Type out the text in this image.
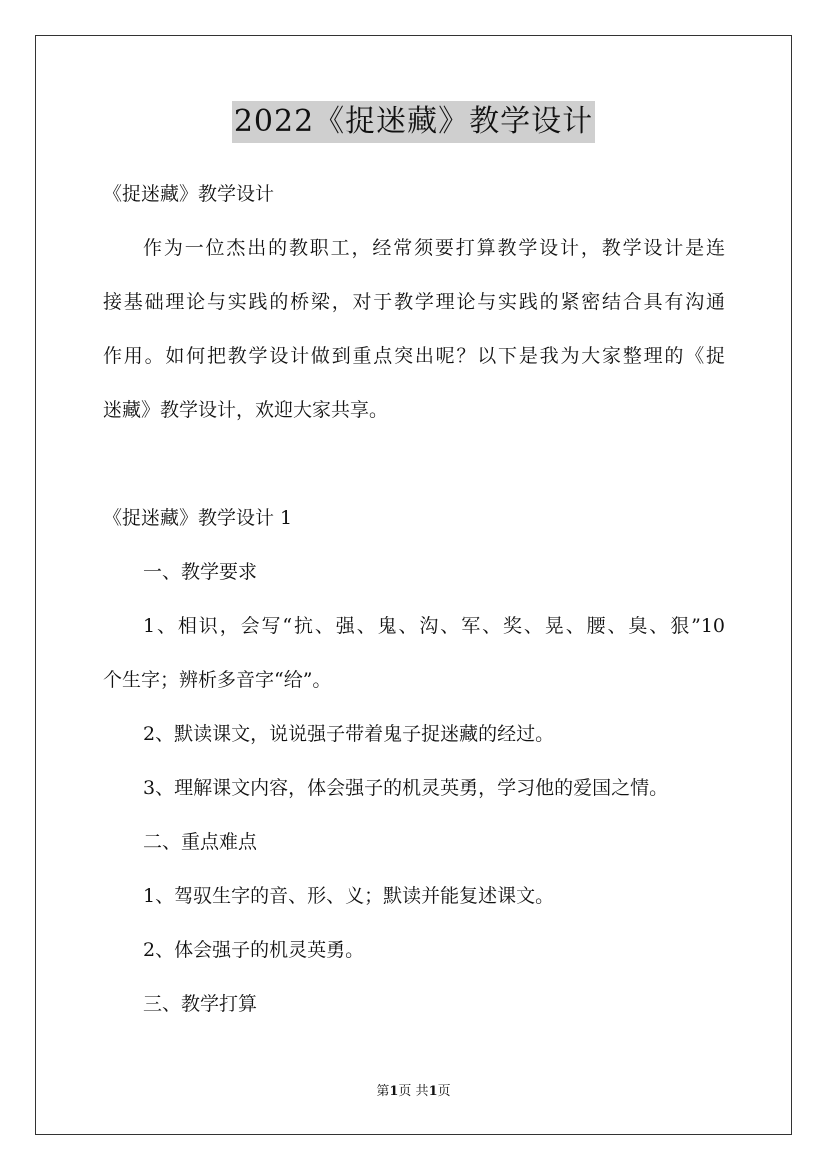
2022《捉迷藏》教学设计
《捉迷藏》教学设计
作为一位杰出的教职工，经常须要打算教学设计，教学设计是连
接基础理论与实践的桥梁，对于教学理论与实践的紧密结合具有沟通
作用。如何把教学设计做到重点突出呢？以下是我为大家整理的《捉
迷藏》教学设计，欢迎大家共享。
《捉迷藏》教学设计 1
一、教学要求
1、相识，会写“抗、强、鬼、沟、军、奖、晃、腰、臭、狠”10
个生字；辨析多音字“给”。
2、默读课文，说说强子带着鬼子捉迷藏的经过。
3、理解课文内容，体会强子的机灵英勇，学习他的爱国之情。
二、重点难点
1、驾驭生字的音、形、义；默读并能复述课文。
2、体会强子的机灵英勇。
三、教学打算
第1页 共1页
